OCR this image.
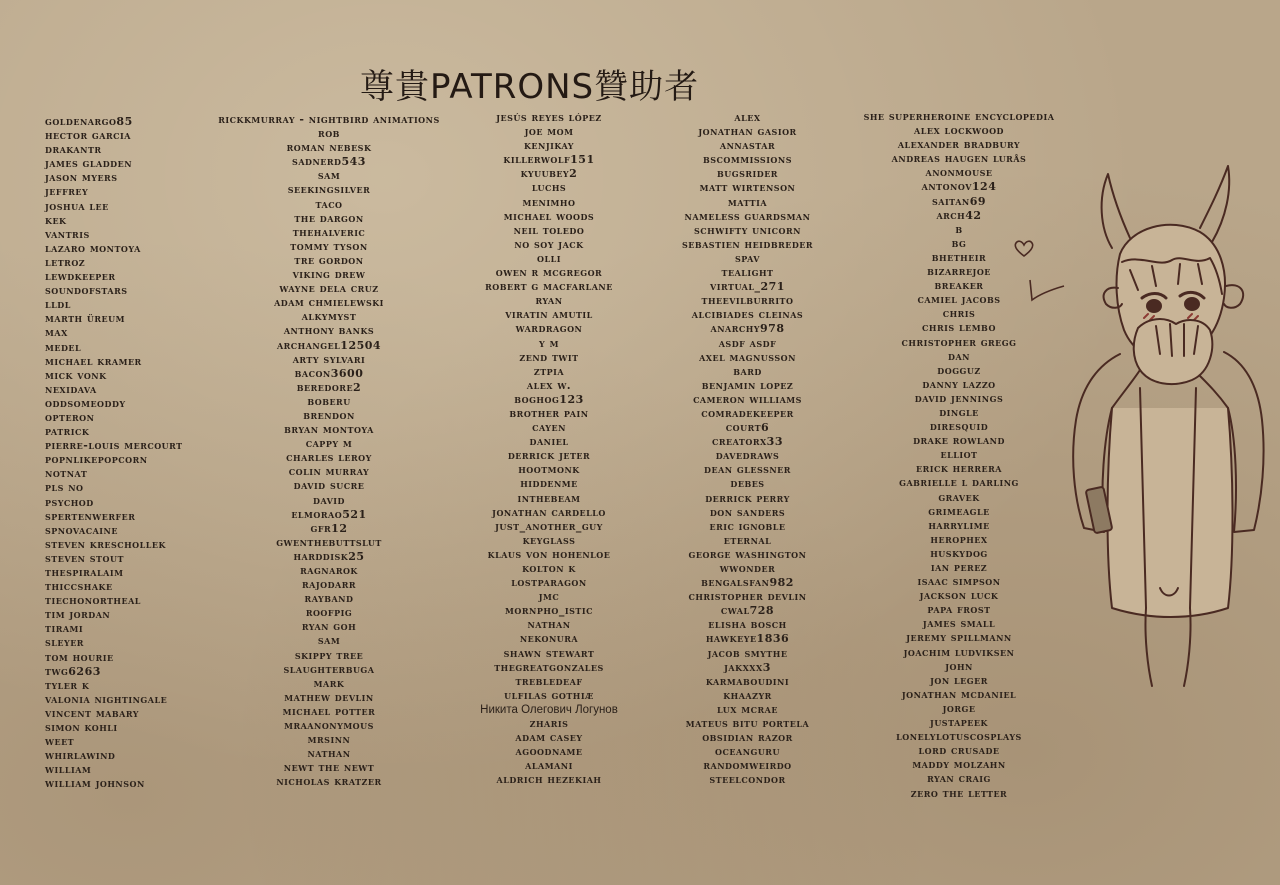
尊貴PATRONS贊助者
goldenargo85
hector garcia
drakantr
james gladden
jason myers
jeffrey
joshua lee
kek
vantris
lazaro montoya
letroz
lewdkeeper
soundofstars
lldl
marth üreum
max
medel
michael kramer
mick vonk
nexidava
oddsomeoddy
opteron
patrick
pierre-louis mercourt
popnlikepopcorn
notnat
pls no
psychod
spertenwerfer
spnovacaine
steven kreschollek
steven stout
thespiralaim
thiccshake
tiechonortheal
tim jordan
tirami
sleyer
tom hourie
twg6263
tyler k
valonia nightingale
vincent mabary
simon kohli
weet
whirlawind
william
william johnson
rickkmurray - nightbird animations
rob
roman nebesk
sadnerd543
sam
seekingsilver
taco
the dargon
thehalveric
tommy tyson
tre gordon
viking drew
wayne dela cruz
adam chmielewski
alkymyst
anthony banks
archangel12504
arty sylvari
bacon3600
beredore2
boberu
brendon
bryan montoya
cappy m
charles leroy
colin murray
david sucre
david
elmorao521
gfr12
gwenthebuttslut
harddisk25
ragnarok
rajodarr
rayband
roofpig
ryan goh
sam
skippy tree
slaughterbuga
mark
mathew devlin
michael potter
mraanonymous
mrsinn
nathan
newt the newt
nicholas kratzer
jesús reyes lópez
joe mom
kenjikay
killerwolf151
kyuubey2
luchs
menimho
michael woods
neil toledo
no soy jack
olli
owen r mcgregor
robert g macfarlane
ryan
viratin amutil
wardragon
y m
zend twit
ztpia
alex w.
boghog123
brother pain
cayen
daniel
derrick jeter
hootmonk
hiddenme
inthebeam
jonathan cardello
just_another_guy
keyglass
klaus von hohenloe
kolton k
lostparagon
jmc
mornpho_istic
nathan
nekonura
shawn stewart
thegreatgonzales
trebledeaf
ulfilas gothiæ
Никита Олегович Логунов
zharis
adam casey
agoodname
alamani
aldrich hezekiah
alex
jonathan gasior
annastar
bscommissions
bugsrider
matt wirtenson
mattia
nameless guardsman
schwifty unicorn
sebastien heidbreder
spav
tealight
virtual_271
theevilburrito
alcibiades cleinas
anarchy978
asdf asdf
axel magnusson
bard
benjamin lopez
cameron williams
comradekeeper
court6
creatorx33
davedraws
dean glessner
debes
derrick perry
don sanders
eric ignoble
eternal
george washington
wwonder
bengalsfan982
christopher devlin
cwal728
elisha bosch
hawkeye1836
jacob smythe
jakxxx3
karmaboudini
khaazyr
lux mcrae
mateus bitu portela
obsidian razor
oceanguru
randomweirdo
steelcondor
she superheroine encyclopedia
alex lockwood
alexander bradbury
andreas haugen lurås
anonmouse
antonov124
saitan69
arch42
b
bg
bhetheir
bizarrejoe
breaker
camiel jacobs
chris
chris lembo
christopher gregg
dan
dogguz
danny lazzo
david jennings
dingle
diresquid
drake rowland
elliot
erick herrera
gabrielle l darling
gravek
grimeagle
harrylime
herophex
huskydog
ian perez
isaac simpson
jackson luck
papa frost
james small
jeremy spillmann
joachim ludviksen
john
jon leger
jonathan mcdaniel
jorge
justapeek
lonelylotuscosplays
lord crusade
maddy molzahn
ryan craig
zero the letter
